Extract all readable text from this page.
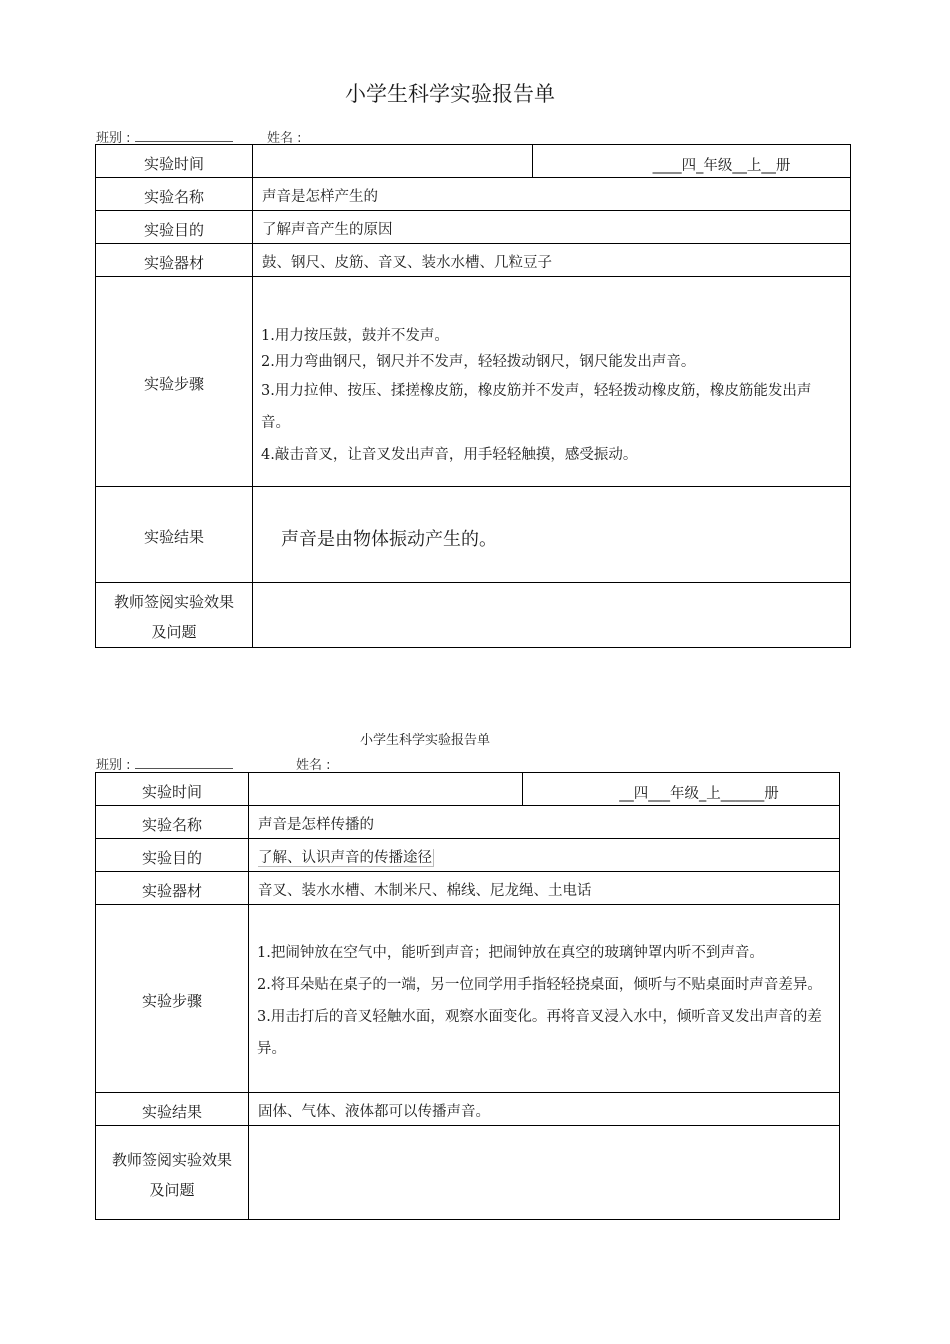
小学生科学实验报告单
班别 :	姓名 :
实验时间		____四_年级__上__册
实验名称	声音是怎样产生的	
实验目的	了解声音产生的原因	
实验器材	鼓、钢尺、皮筋、音叉、装水水槽、几粒豆子	
实验步骤	1.用力按压鼓，鼓并不发声。

2.用力弯曲钢尺，钢尺并不发声，轻轻拨动钢尺，钢尺能发出声音。

3.用力拉伸、按压、揉搓橡皮筋，橡皮筋并不发声，轻轻拨动橡皮筋，橡皮筋能发出声音。

4.敲击音叉，让音叉发出声音，用手轻轻触摸，感受振动。	

实验结果	声音是由物体振动产生的。	

教师签阅实验效果
及问题		

小学生科学实验报告单
班别 :	姓名 :
实验时间		__四___年级_上______册
实验名称	声音是怎样传播的	
实验目的	了解、认识声音的传播途径	
实验器材	音叉、装水水槽、木制米尺、棉线、尼龙绳、土电话	
实验步骤	1.把闹钟放在空气中，能听到声音；把闹钟放在真空的玻璃钟罩内听不到声音。

2.将耳朵贴在桌子的一端，另一位同学用手指轻轻挠桌面，倾听与不贴桌面时声音差异。

3.用击打后的音叉轻触水面，观察水面变化。再将音叉浸入水中，倾听音叉发出声音的差异。	

实验结果	固体、气体、液体都可以传播声音。	

教师签阅实验效果
及问题		
